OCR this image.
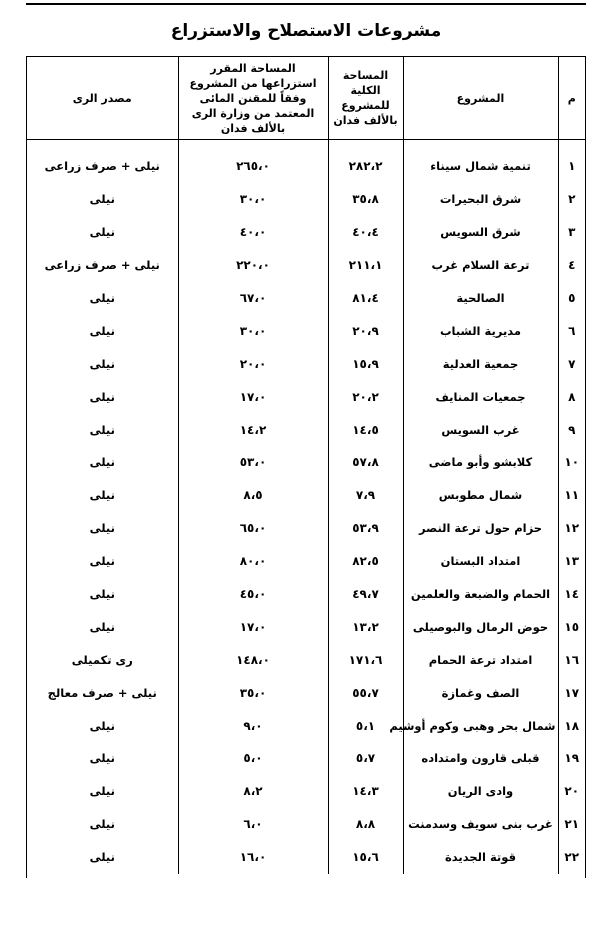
مشروعات الاستصلاح والاستزراع
م	المشروع	المساحة الكلية للمشروع بالألف فدان	المساحة المقرر استزراعها من المشروع وفقاً للمقنن المائى المعتمد من وزارة الرى بالألف فدان	مصدر الرى

١	تنمية شمال سيناء	٢٨٢،٢	٢٦٥،٠	نيلى + صرف زراعى
٢	شرق البحيرات	٣٥،٨	٣٠،٠	نيلى
٣	شرق السويس	٤٠،٤	٤٠،٠	نيلى
٤	ترعة السلام غرب	٢١١،١	٢٢٠،٠	نيلى + صرف زراعى
٥	الصالحية	٨١،٤	٦٧،٠	نيلى
٦	مديرية الشباب	٢٠،٩	٣٠،٠	نيلى
٧	جمعية العدلية	١٥،٩	٢٠،٠	نيلى
٨	جمعيات المنايف	٢٠،٢	١٧،٠	نيلى
٩	غرب السويس	١٤،٥	١٤،٢	نيلى
١٠	كلابشو وأبو ماضى	٥٧،٨	٥٣،٠	نيلى
١١	شمال مطوبس	٧،٩	٨،٥	نيلى
١٢	حزام حول ترعة النصر	٥٣،٩	٦٥،٠	نيلى
١٣	امتداد البستان	٨٢،٥	٨٠،٠	نيلى
١٤	الحمام والضبعة والعلمين	٤٩،٧	٤٥،٠	نيلى
١٥	حوض الرمال والبوصيلى	١٣،٢	١٧،٠	نيلى
١٦	امتداد ترعة الحمام	١٧١،٦	١٤٨،٠	رى تكميلى
١٧	الصف وغمازة	٥٥،٧	٣٥،٠	نيلى + صرف معالج
١٨	شمال بحر وهبى وكوم أوشيم	٥،١	٩،٠	نيلى
١٩	قبلى قارون وامتداده	٥،٧	٥،٠	نيلى
٢٠	وادى الريان	١٤،٣	٨،٢	نيلى
٢١	غرب بنى سويف وسدمنت	٨،٨	٦،٠	نيلى
٢٢	قوتة الجديدة	١٥،٦	١٦،٠	نيلى
